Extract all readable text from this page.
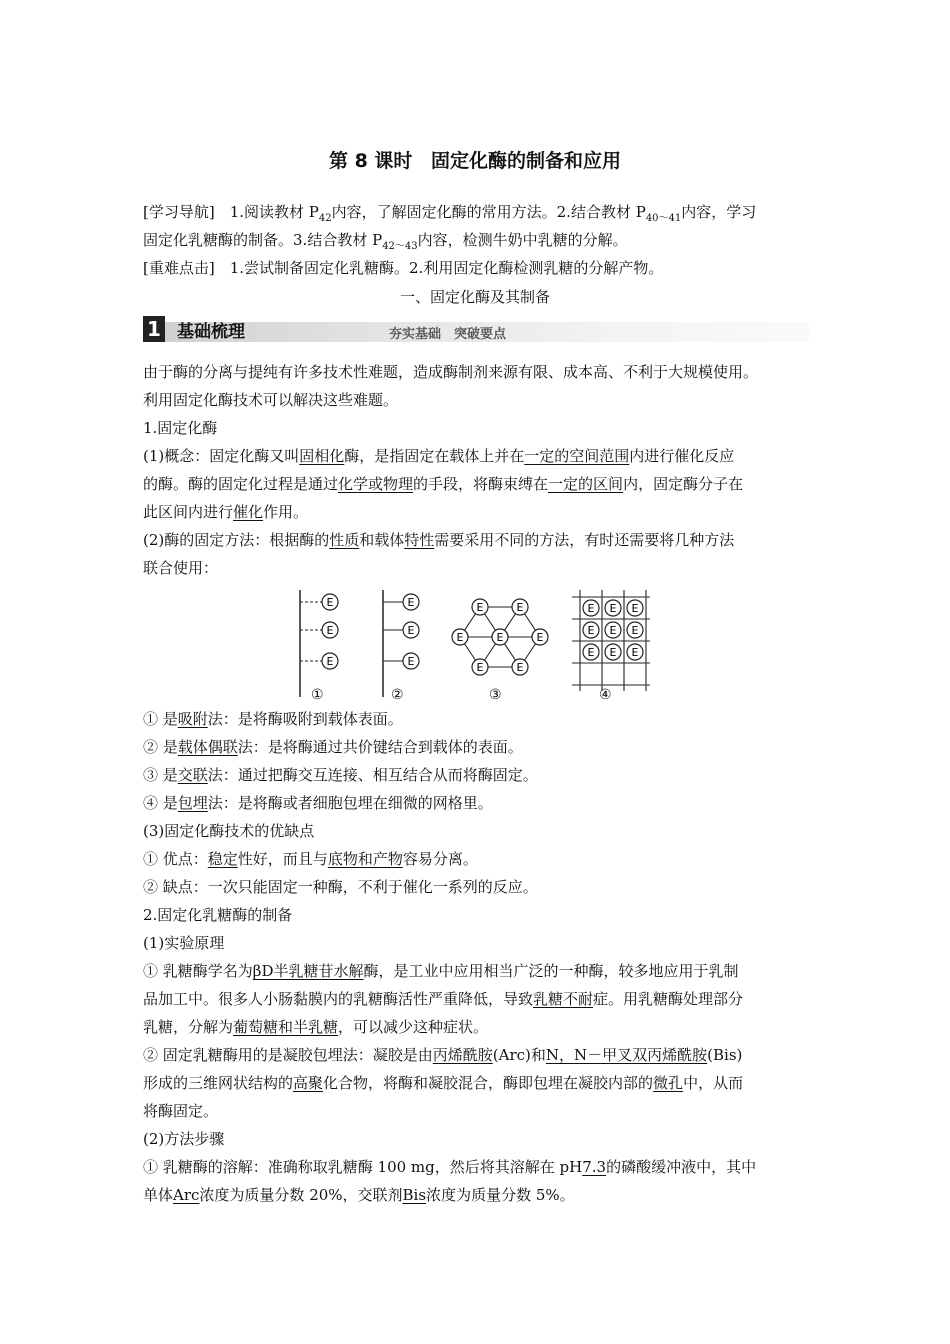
第 8 课时 固定化酶的制备和应用
[学习导航]　1.阅读教材 $P_{42}$内容，了解固定化酶的常用方法。2.结合教材 $P_{40\sim 41}$内容，学习
固定化乳糖酶的制备。3.结合教材 $P_{42\sim 43}$内容，检测牛奶中乳糖的分解。
[重难点击]　1.尝试制备固定化乳糖酶。2.利用固定化酶检测乳糖的分解产物。
一、固定化酶及其制备
1 基础梳理	夯实基础　突破要点
由于酶的分离与提纯有许多技术性难题，造成酶制剂来源有限、成本高、不利于大规模使用。
利用固定化酶技术可以解决这些难题。
1.固定化酶
(1)概念：固定化酶又叫固相化酶，是指固定在载体上并在一定的空间范围内进行催化反应
的酶。酶的固定化过程是通过化学或物理的手段，将酶束缚在一定的区间内，固定酶分子在
此区间内进行催化作用。
(2)酶的固定方法：根据酶的性质和载体特性需要采用不同的方法，有时还需要将几种方法
联合使用：
E
E
E
E
E
E
E	E
E	E	E
E	E
E E E
E E E
E E E
①	②	③	④
① 是吸附法：是将酶吸附到载体表面。
② 是载体偶联法：是将酶通过共价键结合到载体的表面。
③ 是交联法：通过把酶交互连接、相互结合从而将酶固定。
④ 是包埋法：是将酶或者细胞包埋在细微的网格里。
(3)固定化酶技术的优缺点
① 优点：稳定性好，而且与底物和产物容易分离。
② 缺点：一次只能固定一种酶，不利于催化一系列的反应。
2.固定化乳糖酶的制备
(1)实验原理
① 乳糖酶学名为βD半乳糖苷水解酶，是工业中应用相当广泛的一种酶，较多地应用于乳制
品加工中。很多人小肠黏膜内的乳糖酶活性严重降低，导致乳糖不耐症。用乳糖酶处理部分
乳糖，分解为葡萄糖和半乳糖，可以减少这种症状。
② 固定乳糖酶用的是凝胶包埋法：凝胶是由丙烯酰胺(Arc)和N，N－甲叉双丙烯酰胺(Bis)
形成的三维网状结构的高聚化合物，将酶和凝胶混合，酶即包埋在凝胶内部的微孔中，从而
将酶固定。
(2)方法步骤
① 乳糖酶的溶解：准确称取乳糖酶 100 mg，然后将其溶解在 pH7.3的磷酸缓冲液中，其中
单体Arc浓度为质量分数 20%，交联剂Bis浓度为质量分数 5%。
